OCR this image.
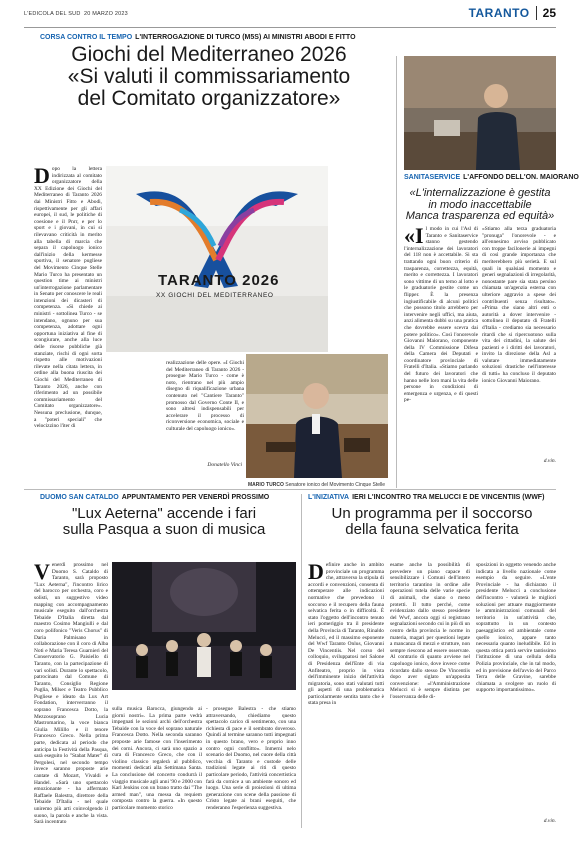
L'EDICOLA DEL SUD 20 MARZO 2023	TARANTO 25
CORSA CONTRO IL TEMPO L'INTERROGAZIONE DI TURCO (M5S) AI MINISTRI ABODI E FITTO
Giochi del Mediterraneo 2026
«Si valuti il commissariamento
del Comitato organizzatore»
D opo la lettera indirizzata al comitato organizzatore della XX Edizione dei Giochi del Mediterraneo di Taranto 2026 dai Ministri Fitto e Abodi, rispettivamente per gli affari europei, il sud, le politiche di coesione e il Pnrr, e per lo sport e i giovani, in cui si rilevavano criticità in merito alla tabella di marcia che separa il capoluogo ionico dall'inizio della kermesse sportiva, il senatore pugliese del Movimento Cinque Stelle Mario Turco ha presentato un question time ai ministri un'interrogazione parlamentare in Senato per conoscere le reali intenzioni dei dicasteri di competenza. «Si chiede ai ministri - sottolinea Turco - se intendano, ognuno per sua competenza, adottare ogni opportuna iniziativa al fine di scongiurare, anche alla luce delle risorse pubbliche già stanziate, rischi di ogni sorta rispetto alle motivazioni rilevate nella citata lettera, in ordine alla buona riuscita dei Giochi del Mediterraneo di Taranto 2026, anche con riferimento ad un possibile commissariamento del Comitato organizzatore». Nessuna preclusione, dunque, a "poteri speciali" che velocizzino l'iter di
TARANTO 2026
XX GIOCHI DEL MEDITERRANEO
realizzazione delle opere. «I Giochi del Mediterraneo di Taranto 2026 - prosegue Mario Turco - come è noto, rientrano nel più ampio disegno di riqualificazione urbana contenuto nel "Cantiere Taranto" promosso dal Governo Conte II, e sono altresì indispensabili per accelerare il processo di riconversione economica, sociale e culturale del capoluogo ionico».
Donatello Vinci
MARIO TURCO Senatore ionico del Movimento Cinque Stelle
SANITASERVICE L'AFFONDO DELL'ON. MAIORANO
«L'internalizzazione è gestita
in modo inaccettabile
Manca trasparenza ed equità»
«I l modo in cui l'Asl di Taranto e Sanitaservice stanno gestendo l'internalizzazione dei lavoratori del 118 non è accettabile. Si sta trattando ogni buon criterio di trasparenza, correttezza, equità, merito e correttezza. I lavoratori sono vittime di un terno al lotto e le graduatorie gestite come un flipper. È la presenza ingiustificabile di alcuni politici che possono titolo arrebbero per intervenire negli uffici, ma aiuta, anzi alimenta dubbi su una pratica che dovrebbe essere scevra dai potere politico». Così l'onorevole Giovanni Maiorano, componente della IV Commissione Difesa della Camera dei Deputati e coordinatore provinciale di Fratelli d'Italia. «Stiamo parlando del futuro dei lavoratori che hanno nelle loro mani la vita delle persone in condizioni di emergenza e urgenza, e di questi pe-
«Stiamo alla terza graduatoria "pronuga" l'onorevole - e all'ennesimo avviso pubblicato con troppe facilonerie ai impegni di così grande importanza che meriterebbero più serietà. E sul quali in qualsiasi momento e generi segnalazioni di irregolarità, nonostante pare sia stata persino chiamata un'agenzia esterna con ulteriore aggravio a spese dei contribuenti senza risultato». «Prima che siano altri enti o autorità a dover intervenire - sottolinea il deputato di Fratelli d'Italia - crediamo sia necessario ritardi che si ripercuotono sulla vita dei cittadini, la salute dei pazienti e i diritti dei lavoratori, invito la direzione della Asl a valutare immediatamente soluzioni drastiche nell'interesse di tutti» ha concluso il deputato ionico Giovanni Maiorano.
d.vin.
DUOMO SAN CATALDO APPUNTAMENTO PER VENERDÌ PROSSIMO
"Lux Aeterna" accende i fari
sulla Pasqua a suon di musica
V enerdì prossimo nel Duomo S. Cataldo di Taranto, sarà proposto "Lux Aeterna", l'incontro lirico del barocco per orchestra, coro e solisti, un suggestivo video mapping con accompagnamento musicale eseguito dall'orchestra Tebaide D'Italia diretta dal maestro Cosimo Mangiulli e dal coro polifonico "Veris Chorus" di Daria Palmisano in collaborazione con il coro di Alba Noti e Maria Teresa Guarnieri del Conservatorio G. Paisiello di Taranto, con la partecipazione di vari solisti. Durante lo spettacolo, patrocinato dal Comune di Taranto, Consiglio Regione Puglia, Milsec e Teatro Pubblico Pugliese e ideato da Lux Art Fondation, interverranno il soprano Francesca Dotto, la Mezzosoprano Lucia Mastromarino, la voce bianca Giulia Milillo e il tenore Francesco Greco. Nella prima parte, dedicata al periodo che anticipa la Festività della Pasqua, sarà eseguito lo "Stabat Mater" di Pergolesi, nel secondo tempo invece saranno proposte arie cantate di Mozart, Vivaldi e Handel. «Sarà uno spettacolo emozionante - ha affermato Raffaele Balestra, direttore della Tebaide D'Italia - nel quale uniremo più arti coinvolgendo il suono, la parola e anche la vista. Sarà incentrato
sulla musica Barocca, giungendo ai giorni nostri». La prima parte vedrà impegnati le sezioni archi dell'orchestra Tebaide con la voce del soprano naturale Francesca Dotto. Nella seconda saranno proposte arie famose con l'inserimento dei corni. Ancora, ci sarà uno spazio a cura di Francesco Greco, che con il violino classico regalerà al pubblico, momenti dedicati alla Settimana Santa. La conclusione del concerto condurrà il viaggio musicale agli anni '90 e 2000 con Karl Jenkins con un brano tratto dai "The armed man", una messa da requiem composta contro la guerra. «In questo particolare momento storico
- prosegue Balestra - che stiamo attraversando, chiediamo questo spettacolo carico di sentimento, con una richiesta di pace e il sembrato doveroso. Quindi al termine saranno tutti impegnati in questo brano, vero e proprio inno contro ogni conflitto». Inmerni nelo scenario del Duomo, nel cuore della città vecchia di Taranto e custode delle tradizioni legate ai riti di questo particolare periodo, l'attività concertistica farà da cornice a un ambiente sonoro ed luogo. Una serie di proiezioni di ultima generazione con scene della passione di Cristo legate ai brani eseguiti, che renderanno l'esperienza suggestiva.
L'INIZIATIVA IERI L'INCONTRO TRA MELUCCI E DE VINCENTIIS (WWF)
Un programma per il soccorso
della fauna selvatica ferita
D efinire anche in ambito provinciale un programma che, attraverso la stipula di accordi e convenzioni, consenta di ottemperare alle indicazioni normative che prevedono il soccorso e il recupero della fauna selvatica ferita o in difficoltà. È stato l'oggetto dell'incontro tenuto ieri pomeriggio tra il presidente della Provincia di Taranto, Rinaldo Melucci, ed il massimo esponente del Wwf Taranto Onlus, Giovanni De Vincentiis. Nel corso del colloquio, sviluppatosi nel Salone di Presidenza dell'Ente di via Anfiteatro, proprio in vista dell'imminente inizio dell'attività migratoria, sono stati valutati tutti gli aspetti di una problematica particolarmente sentita tanto che è stata presa in
esame anche la possibilità di prevedere un piano capace di sensibilizzare i Comuni dell'intero territorio tarantino in ordine alle operazioni tutela delle varie specie di animali, che siano o meno protetti. Il tutto perché, come evidenziato dallo stesso presidente del Wwf, ancora oggi si registrano segnalazioni secondo cui in più di un centro della provincia le norme in materia, magari per questioni legate a mancanza di mezzi e strutture, non sempre riescono ad essere osservate. Al contrario di quanto avviene nel capoluogo ionico, dove invece come ricordato dallo stesso De Vincentiis dopo aver siglato un'apposita convenzione: «l'Amministrazione Melucci si è sempre distinta per l'osservanza delle di-
sposizioni in oggetto venendo anche indicata a livello nazionale come esempio da seguire. «L'ente Provinciale - ha dichiarato il presidente Melucci a conclusione dell'incontro - valuterà le migliori soluzioni per attuare maggiormente le amministrazioni comunali del territorio in un'attività che, soprattutto in un contesto paesaggistico ed ambientale come quello ionico, appare tanto necessaria quanto ineludibile. Ed in questa ottica potrà servire tantissimo l'istituzione di una cellula della Polizia provinciale, che in tal modo, ed in previsione dell'avvio del Parco Terra delle Gravine, sarebbe chiamata a svolgere un ruolo di supporto importantissimo».
d.vin.
